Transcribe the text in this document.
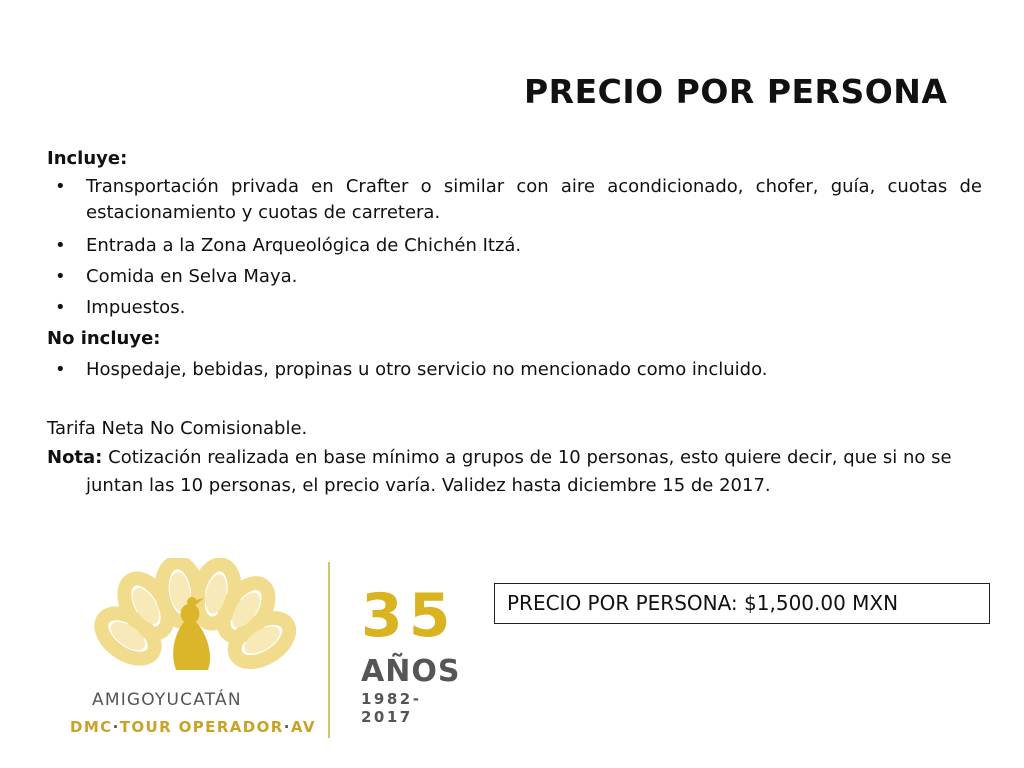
PRECIO POR PERSONA
Incluye:
• Transportación privada en Crafter o similar con aire acondicionado, chofer, guía, cuotas de estacionamiento y cuotas de carretera.
• Entrada a la Zona Arqueológica de Chichén Itzá.
• Comida en Selva Maya.
• Impuestos.
No incluye:
• Hospedaje, bebidas, propinas u otro servicio no mencionado como incluido.
Tarifa Neta No Comisionable.
Nota: Cotización realizada en base mínimo a grupos de 10 personas, esto quiere decir, que si no se juntan las 10 personas, el precio varía. Validez hasta diciembre 15 de 2017.
PRECIO POR PERSONA: $1,500.00 MXN
AMIGOYUCATÁN
DMC·TOUR OPERADOR·AV
35
AÑOS
1982-2017
